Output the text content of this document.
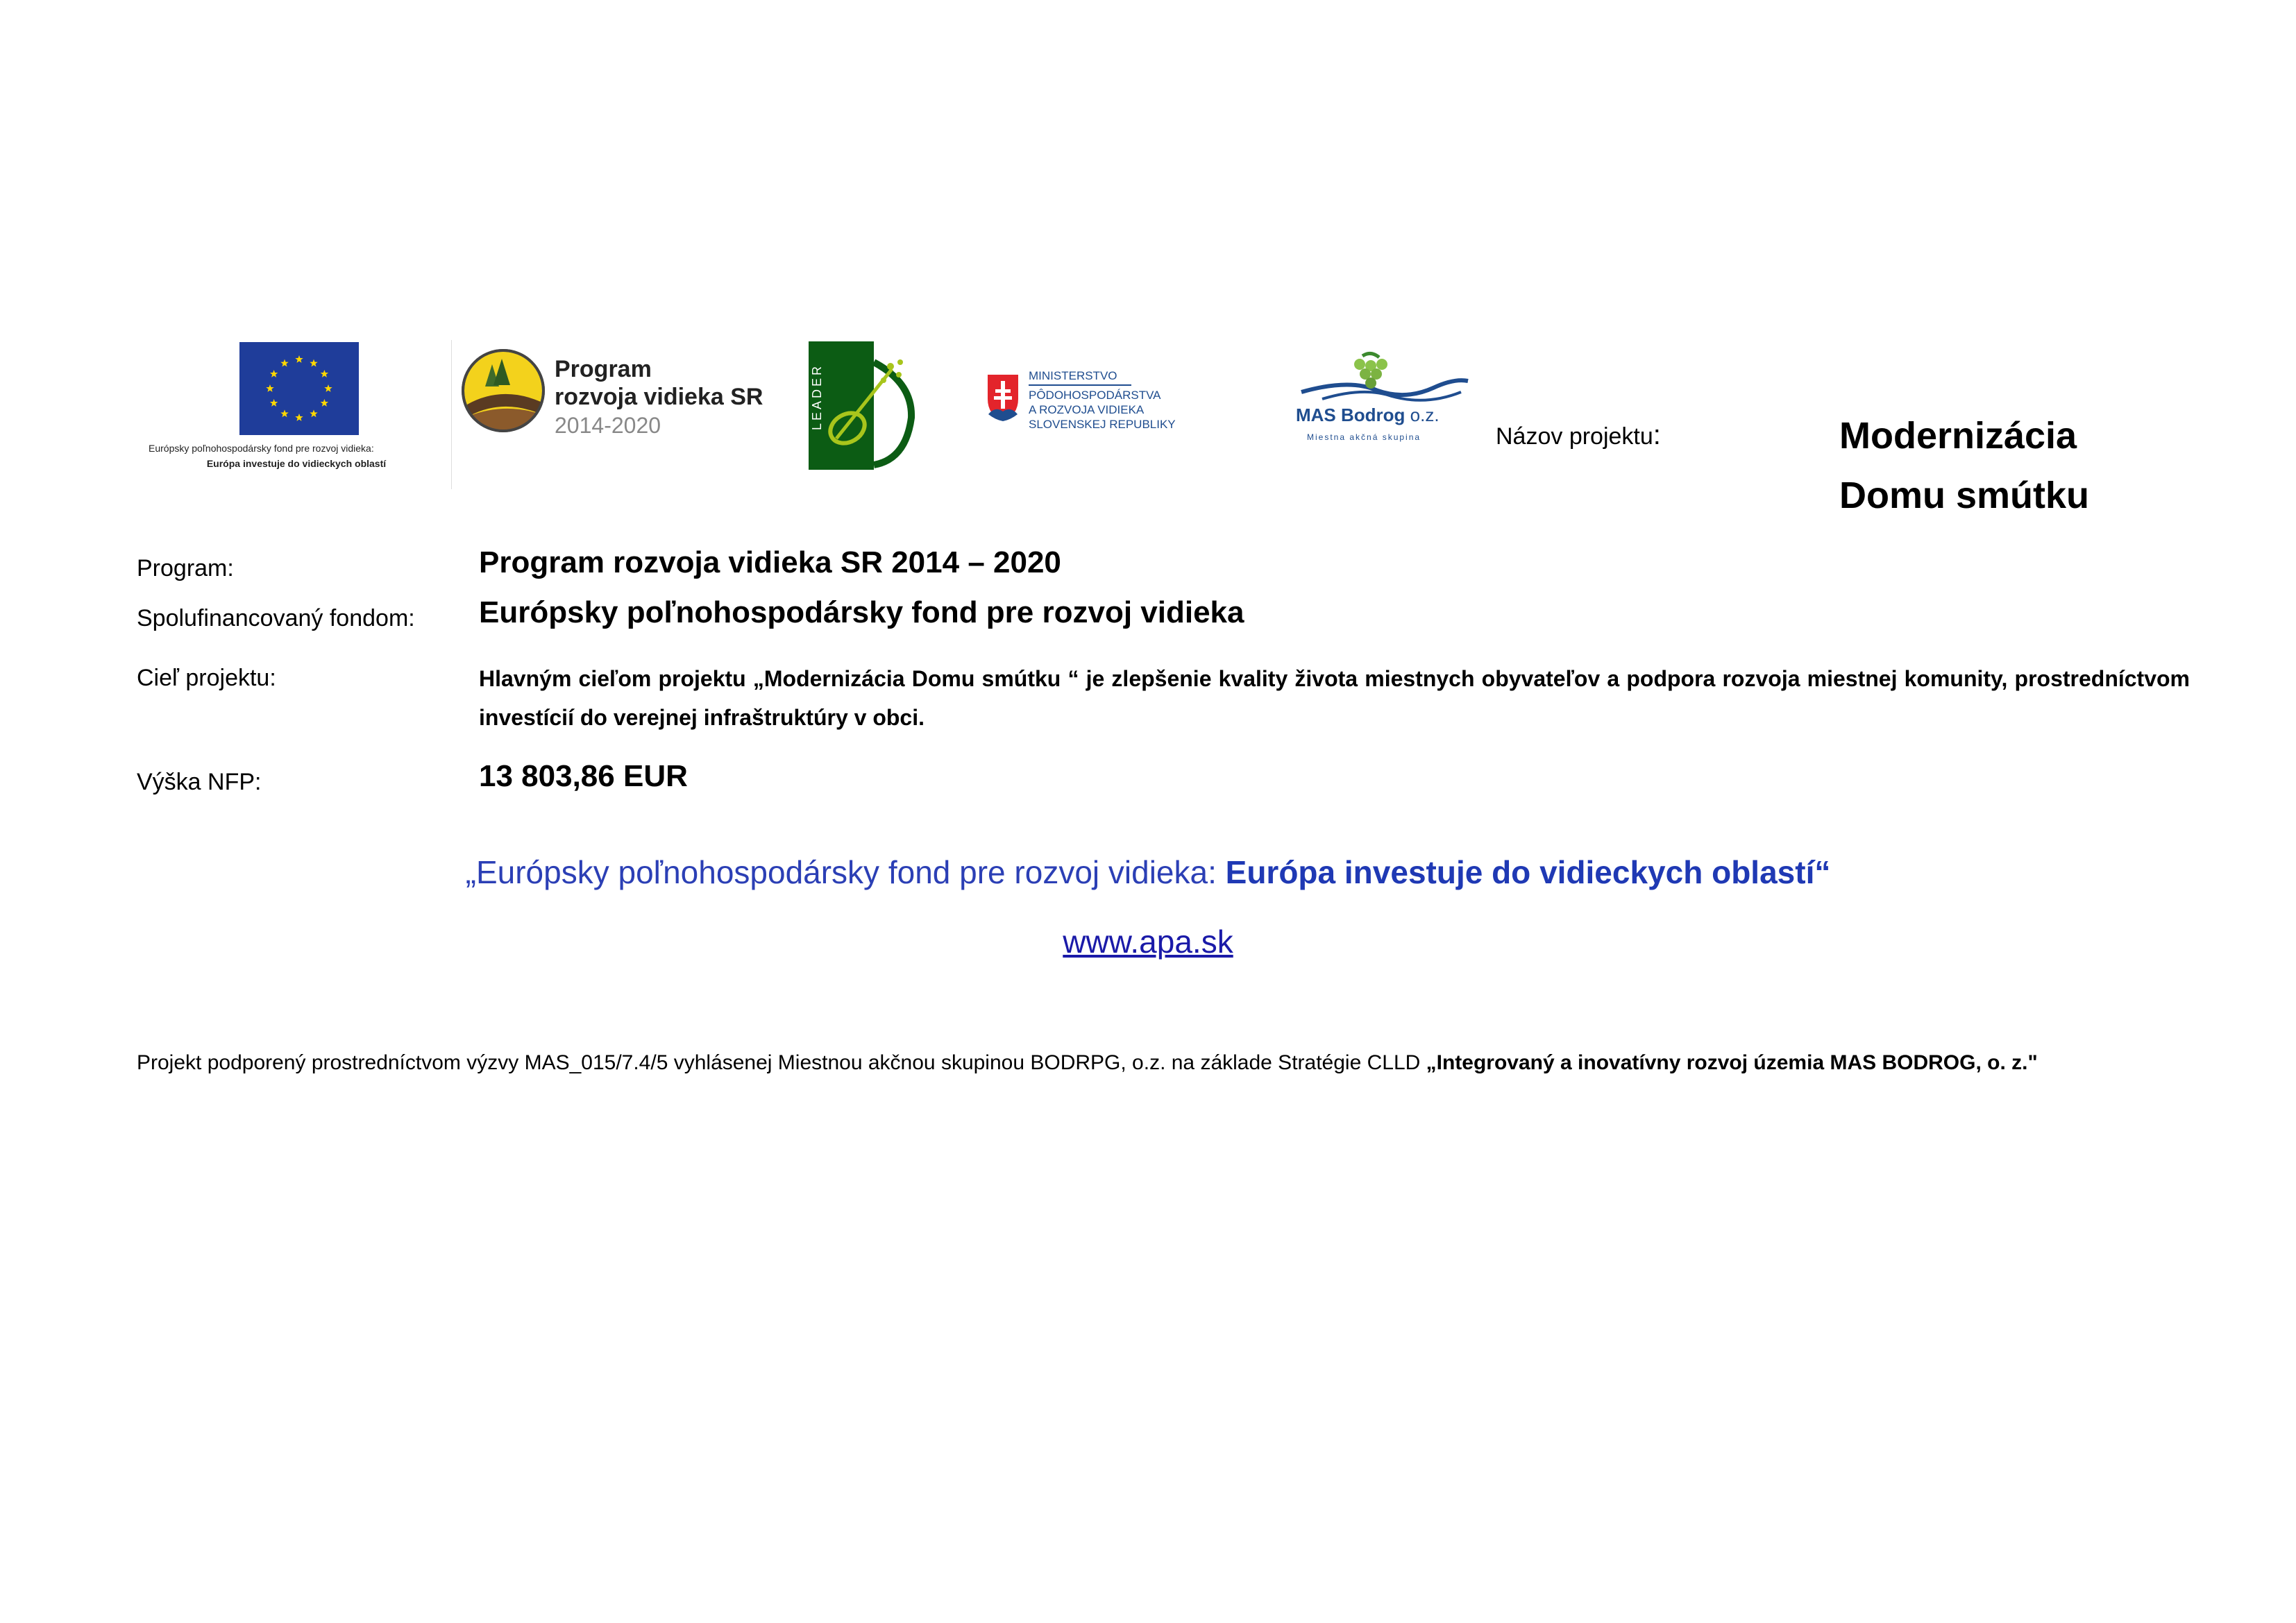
Európsky poľnohospodársky fond pre rozvoj vidieka:
Európa investuje do vidieckych oblastí
Program
rozvoja vidieka SR
2014-2020	LEADER	MINISTERSTVO
PÔDOHOSPODÁRSTVA
A ROZVOJA VIDIEKA
SLOVENSKEJ REPUBLIKY	MAS Bodrog o.z.
Miestna akčná skupina	Názov projektu:	Modernizácia
Domu smútku
Program:	Program rozvoja vidieka SR 2014 – 2020
Spolufinancovaný fondom: Európsky poľnohospodársky fond pre rozvoj vidieka
Cieľ projektu:	Hlavným cieľom projektu „Modernizácia Domu smútku “ je zlepšenie kvality života miestnych obyvateľov a podpora rozvoja miestnej komunity, prostredníctvom investícií do verejnej infraštruktúry v obci.
Výška NFP:	13 803,86 EUR
„Európsky poľnohospodársky fond pre rozvoj vidieka: Európa investuje do vidieckych oblastí“
www.apa.sk
Projekt podporený prostredníctvom výzvy MAS_015/7.4/5 vyhlásenej Miestnou akčnou skupinou BODRPG, o.z. na základe Stratégie CLLD „Integrovaný a inovatívny rozvoj územia MAS BODROG, o. z."
